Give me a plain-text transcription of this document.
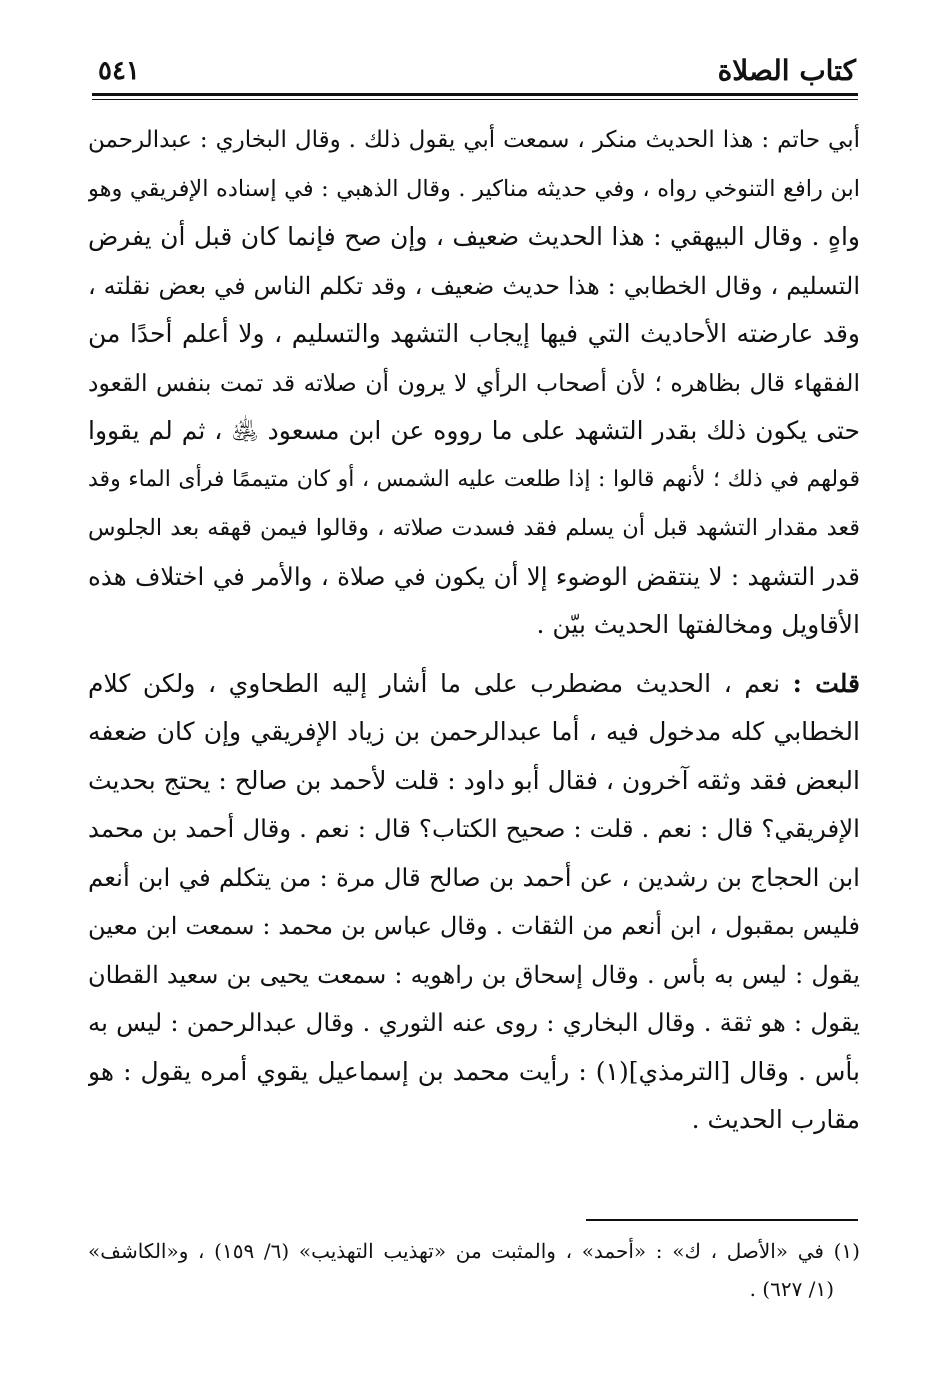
كتاب الصلاة
٥٤١
أبي حاتم : هذا الحديث منكر ، سمعت أبي يقول ذلك . وقال البخاري : عبدالرحمن
ابن رافع التنوخي رواه ، وفي حديثه مناكير . وقال الذهبي : في إسناده الإفريقي وهو
واهٍ . وقال البيهقي : هذا الحديث ضعيف ، وإن صح فإنما كان قبل أن يفرض
التسليم ، وقال الخطابي : هذا حديث ضعيف ، وقد تكلم الناس في بعض نقلته ،
وقد عارضته الأحاديث التي فيها إيجاب التشهد والتسليم ، ولا أعلم أحدًا من
الفقهاء قال بظاهره ؛ لأن أصحاب الرأي لا يرون أن صلاته قد تمت بنفس القعود
حتى يكون ذلك بقدر التشهد على ما رووه عن ابن مسعود ﵁ ، ثم لم يقووا
قولهم في ذلك ؛ لأنهم قالوا : إذا طلعت عليه الشمس ، أو كان متيممًا فرأى الماء وقد
قعد مقدار التشهد قبل أن يسلم فقد فسدت صلاته ، وقالوا فيمن قهقه بعد الجلوس
قدر التشهد : لا ينتقض الوضوء إلا أن يكون في صلاة ، والأمر في اختلاف هذه
الأقاويل ومخالفتها الحديث بيّن .
قلت : نعم ، الحديث مضطرب على ما أشار إليه الطحاوي ، ولكن كلام
الخطابي كله مدخول فيه ، أما عبدالرحمن بن زياد الإفريقي وإن كان ضعفه
البعض فقد وثقه آخرون ، فقال أبو داود : قلت لأحمد بن صالح : يحتج بحديث
الإفريقي؟ قال : نعم . قلت : صحيح الكتاب؟ قال : نعم . وقال أحمد بن محمد
ابن الحجاج بن رشدين ، عن أحمد بن صالح قال مرة : من يتكلم في ابن أنعم
فليس بمقبول ، ابن أنعم من الثقات . وقال عباس بن محمد : سمعت ابن معين
يقول : ليس به بأس . وقال إسحاق بن راهويه : سمعت يحيى بن سعيد القطان
يقول : هو ثقة . وقال البخاري : روى عنه الثوري . وقال عبدالرحمن : ليس به
بأس . وقال [الترمذي](١) : رأيت محمد بن إسماعيل يقوي أمره يقول : هو
مقارب الحديث .
(١) في «الأصل ، ك» : «أحمد» ، والمثبت من «تهذيب التهذيب» (٦/ ١٥٩) ، و«الكاشف»
(١/ ٦٢٧) .
